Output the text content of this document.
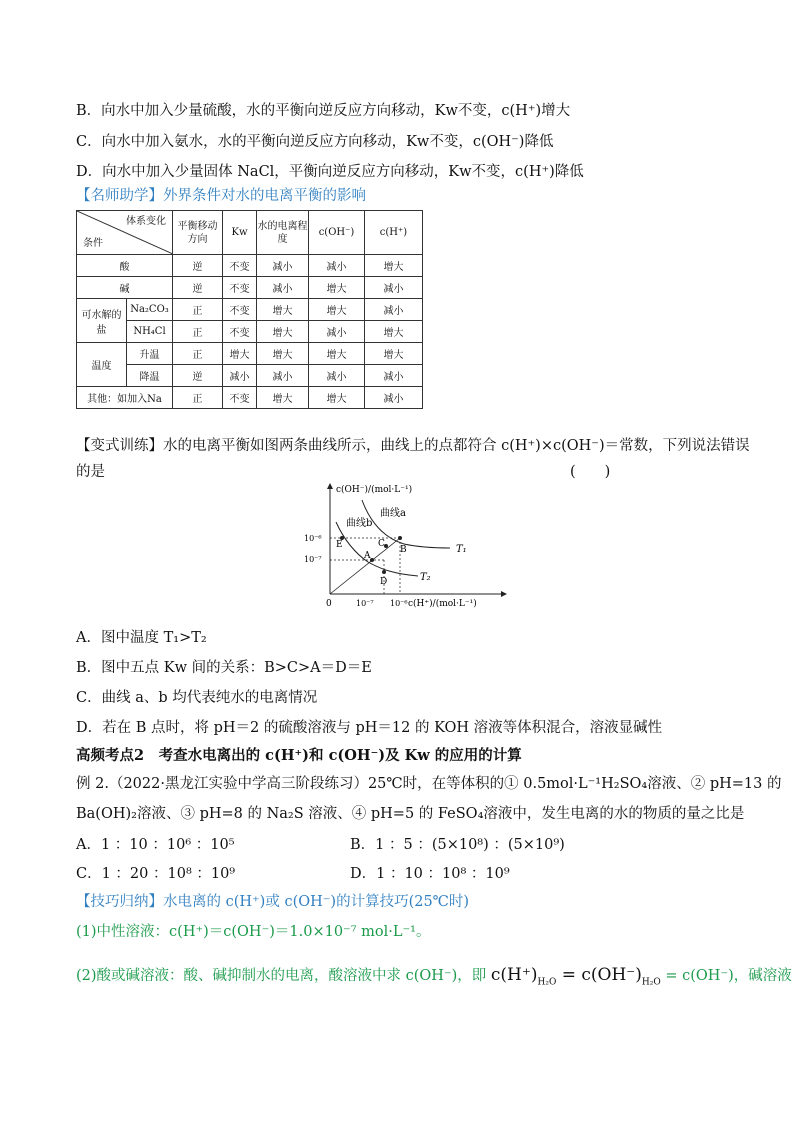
B．向水中加入少量硫酸，水的平衡向逆反应方向移动，Kw不变，c(H⁺)增大
C．向水中加入氨水，水的平衡向逆反应方向移动，Kw不变，c(OH⁻)降低
D．向水中加入少量固体 NaCl，平衡向逆反应方向移动，Kw不变，c(H⁺)降低
【名师助学】外界条件对水的电离平衡的影响
体系变化
条件		平衡移动方向	Kw	水的电离程度	c(OH⁻)	c(H⁺)
酸		逆	不变	减小	减小	增大
碱		逆	不变	减小	增大	减小
可水解的盐	Na₂CO₃	正	不变	增大	增大	减小
	NH₄Cl	正	不变	增大	减小	增大
温度	升温	正	增大	增大	增大	增大
	降温	逆	减小	减小	减小	减小
其他：如加入Na		正	不变	增大	增大	减小
【变式训练】水的电离平衡如图两条曲线所示，曲线上的点都符合 c(H⁺)×c(OH⁻)＝常数，下列说法错误
的是	(　　)
c(OH⁻)/(mol·L⁻¹)
曲线a
曲线b
T₁
T₂
10⁻⁶
10⁻⁷
0	10⁻⁷ 10⁻⁶ c(H⁺)/(mol·L⁻¹)
E
A
C
B
D
A．图中温度 T₁>T₂
B．图中五点 Kw 间的关系：B>C>A＝D＝E
C．曲线 a、b 均代表纯水的电离情况
D．若在 B 点时，将 pH＝2 的硫酸溶液与 pH＝12 的 KOH 溶液等体积混合，溶液显碱性
高频考点2　考查水电离出的 c(H⁺)和 c(OH⁻)及 Kw 的应用的计算
例 2.（2022·黑龙江实验中学高三阶段练习）25℃时，在等体积的① 0.5mol·L⁻¹H₂SO₄溶液、② pH=13 的
Ba(OH)₂溶液、③ pH=8 的 Na₂S 溶液、④ pH=5 的 FeSO₄溶液中，发生电离的水的物质的量之比是
A．1 ：10 ：10⁶ ：10⁵	B．1 ：5 ：(5×10⁸) ：(5×10⁹)
C．1 ：20 ：10⁸ ：10⁹	D．1 ：10 ：10⁸ ：10⁹
【技巧归纳】水电离的 c(H⁺)或 c(OH⁻)的计算技巧(25℃时)
(1)中性溶液：c(H⁺)＝c(OH⁻)＝1.0×10⁻⁷ mol·L⁻¹。
(2)酸或碱溶液：酸、碱抑制水的电离，酸溶液中求 c(OH⁻)，即 $c(H^+)_{H_2O} = c(OH^-)_{H_2O} = c(OH^-)$，碱溶液
